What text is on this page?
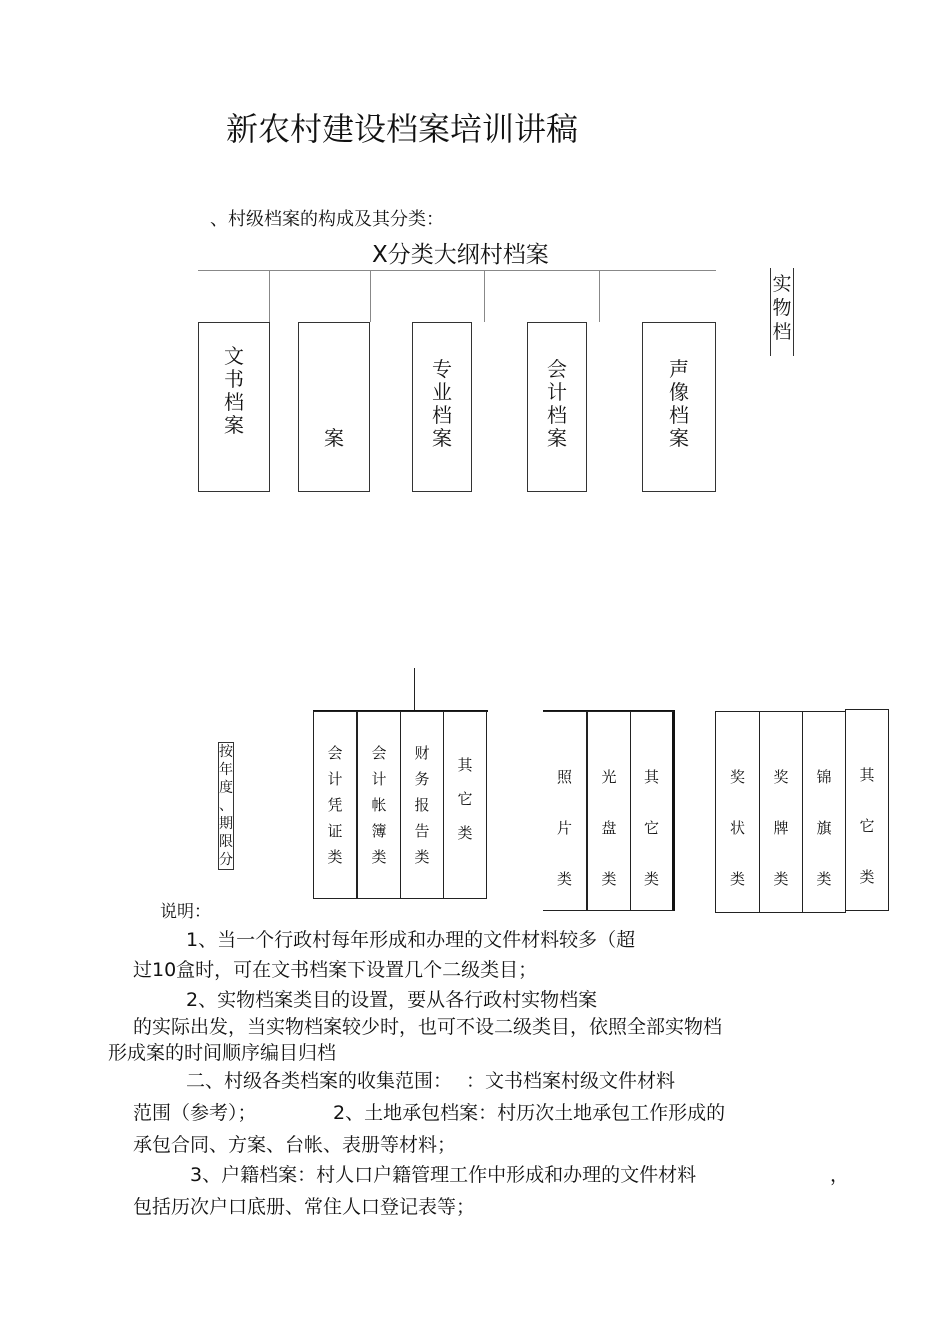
新农村建设档案培训讲稿
、村级档案的构成及其分类：
X分类大纲村档案
文
书
档
案
案
专
业
档
案
会
计
档
案
声
像
档
案
实
物
档
按
年
度
、
期
限
分
会
计
凭
证
类
会
计
帐
簿
类
财
务
报
告
类
其
它
类
照
片
类
光
盘
类
其
它
类
奖
状
类
奖
牌
类
锦
旗
类
其
它
类
说明：
1、当一个行政村每年形成和办理的文件材料较多（超
过10盒时，可在文书档案下设置几个二级类目；
2、实物档案类目的设置，要从各行政村实物档案
的实际出发，当实物档案较少时，也可不设二级类目，依照全部实物档
形成案的时间顺序编目归档
二、村级各类档案的收集范围： ：文书档案村级文件材料
范围（参考）；	2、土地承包档案：村历次土地承包工作形成的
承包合同、方案、台帐、表册等材料；
3、户籍档案：村人口户籍管理工作中形成和办理的文件材料	，
包括历次户口底册、常住人口登记表等；
